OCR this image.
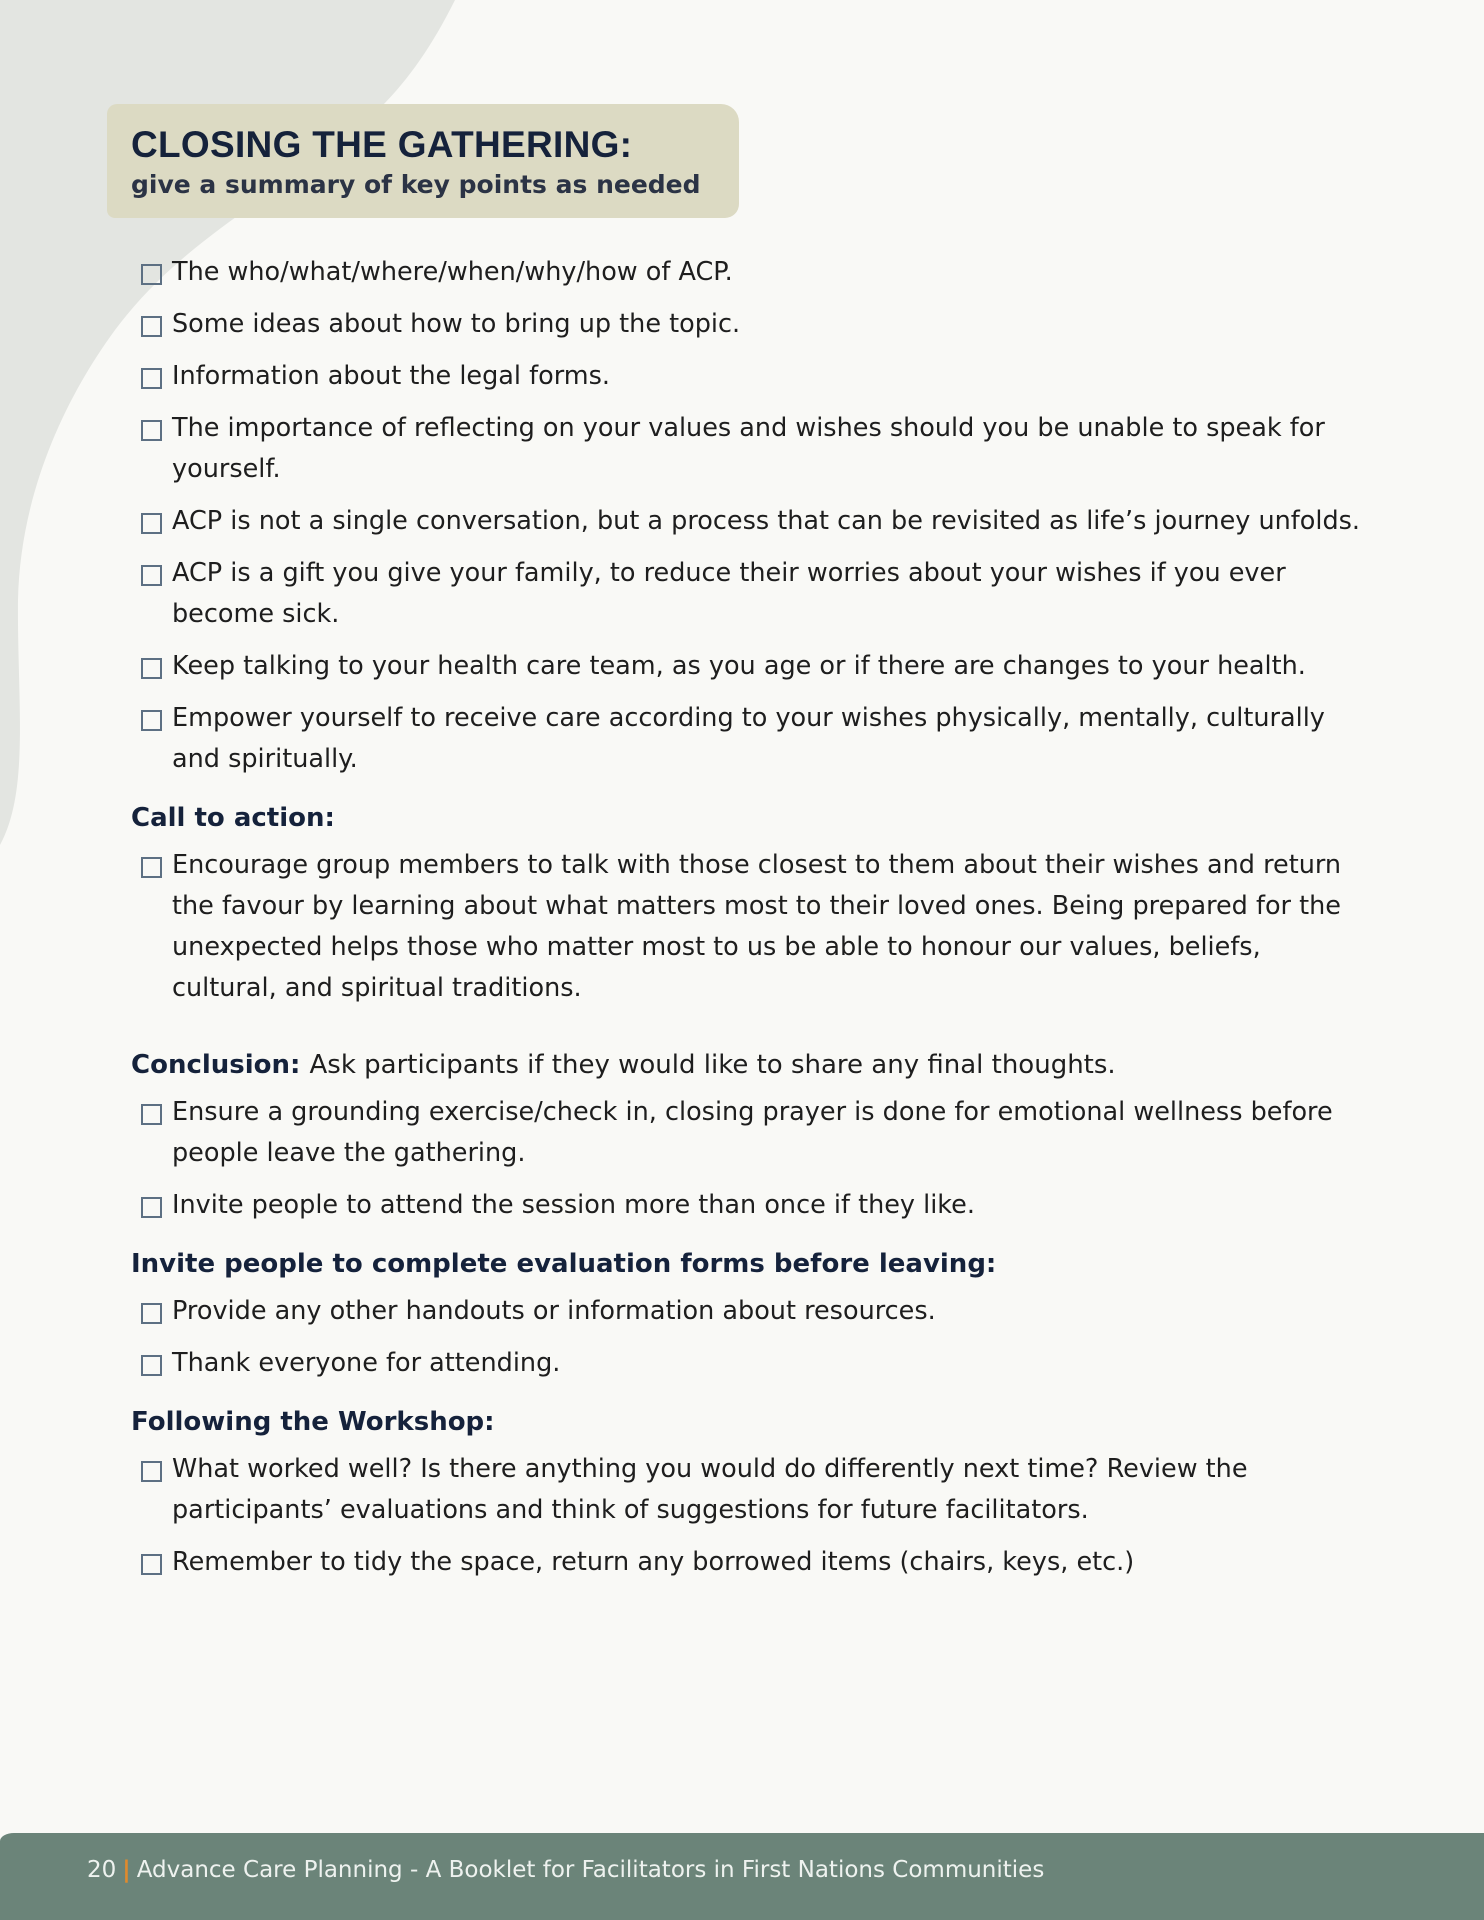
CLOSING THE GATHERING:
give a summary of key points as needed
The who/what/where/when/why/how of ACP.
Some ideas about how to bring up the topic.
Information about the legal forms.
The importance of reflecting on your values and wishes should you be unable to speak for yourself.
ACP is not a single conversation, but a process that can be revisited as life’s journey unfolds.
ACP is a gift you give your family, to reduce their worries about your wishes if you ever become sick.
Keep talking to your health care team, as you age or if there are changes to your health.
Empower yourself to receive care according to your wishes physically, mentally, culturally and spiritually.
Call to action:
Encourage group members to talk with those closest to them about their wishes and return the favour by learning about what matters most to their loved ones. Being prepared for the unexpected helps those who matter most to us be able to honour our values, beliefs, cultural, and spiritual traditions.
Conclusion: Ask participants if they would like to share any final thoughts.
Ensure a grounding exercise/check in, closing prayer is done for emotional wellness before people leave the gathering.
Invite people to attend the session more than once if they like.
Invite people to complete evaluation forms before leaving:
Provide any other handouts or information about resources.
Thank everyone for attending.
Following the Workshop:
What worked well? Is there anything you would do differently next time? Review the participants’ evaluations and think of suggestions for future facilitators.
Remember to tidy the space, return any borrowed items (chairs, keys, etc.)
20 | Advance Care Planning - A Booklet for Facilitators in First Nations Communities
